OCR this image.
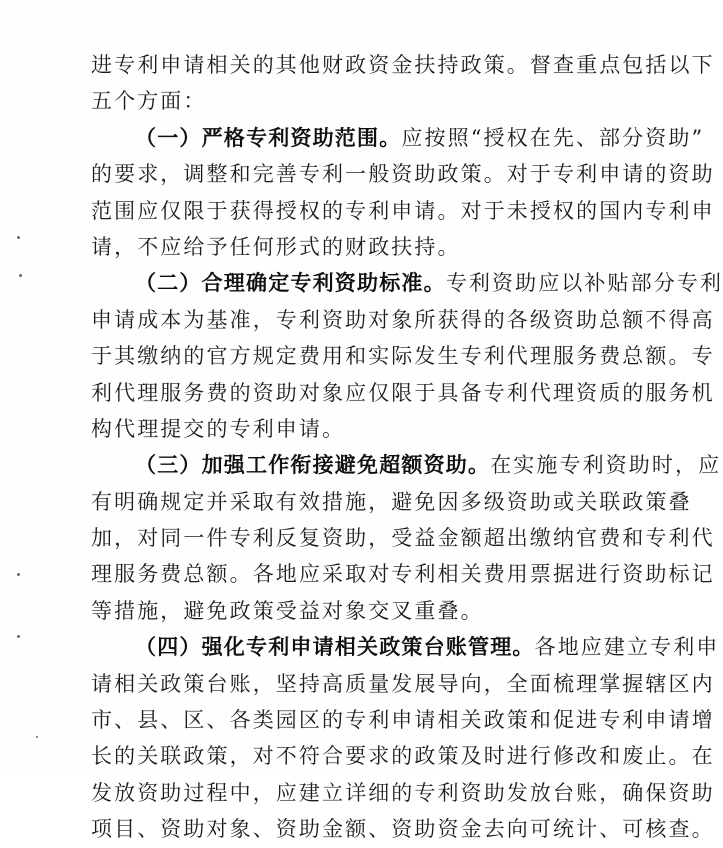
进专利申请相关的其他财政资金扶持政策。督查重点包括以下
五个方面：
（一）严格专利资助范围。应按照“授权在先、部分资助”
的要求，调整和完善专利一般资助政策。对于专利申请的资助
范围应仅限于获得授权的专利申请。对于未授权的国内专利申
请，不应给予任何形式的财政扶持。
（二）合理确定专利资助标准。专利资助应以补贴部分专利
申请成本为基准，专利资助对象所获得的各级资助总额不得高
于其缴纳的官方规定费用和实际发生专利代理服务费总额。专
利代理服务费的资助对象应仅限于具备专利代理资质的服务机
构代理提交的专利申请。
（三）加强工作衔接避免超额资助。在实施专利资助时，应
有明确规定并采取有效措施，避免因多级资助或关联政策叠
加，对同一件专利反复资助，受益金额超出缴纳官费和专利代
理服务费总额。各地应采取对专利相关费用票据进行资助标记
等措施，避免政策受益对象交叉重叠。
（四）强化专利申请相关政策台账管理。各地应建立专利申
请相关政策台账，坚持高质量发展导向，全面梳理掌握辖区内
市、县、区、各类园区的专利申请相关政策和促进专利申请增
长的关联政策，对不符合要求的政策及时进行修改和废止。在
发放资助过程中，应建立详细的专利资助发放台账，确保资助
项目、资助对象、资助金额、资助资金去向可统计、可核查。
